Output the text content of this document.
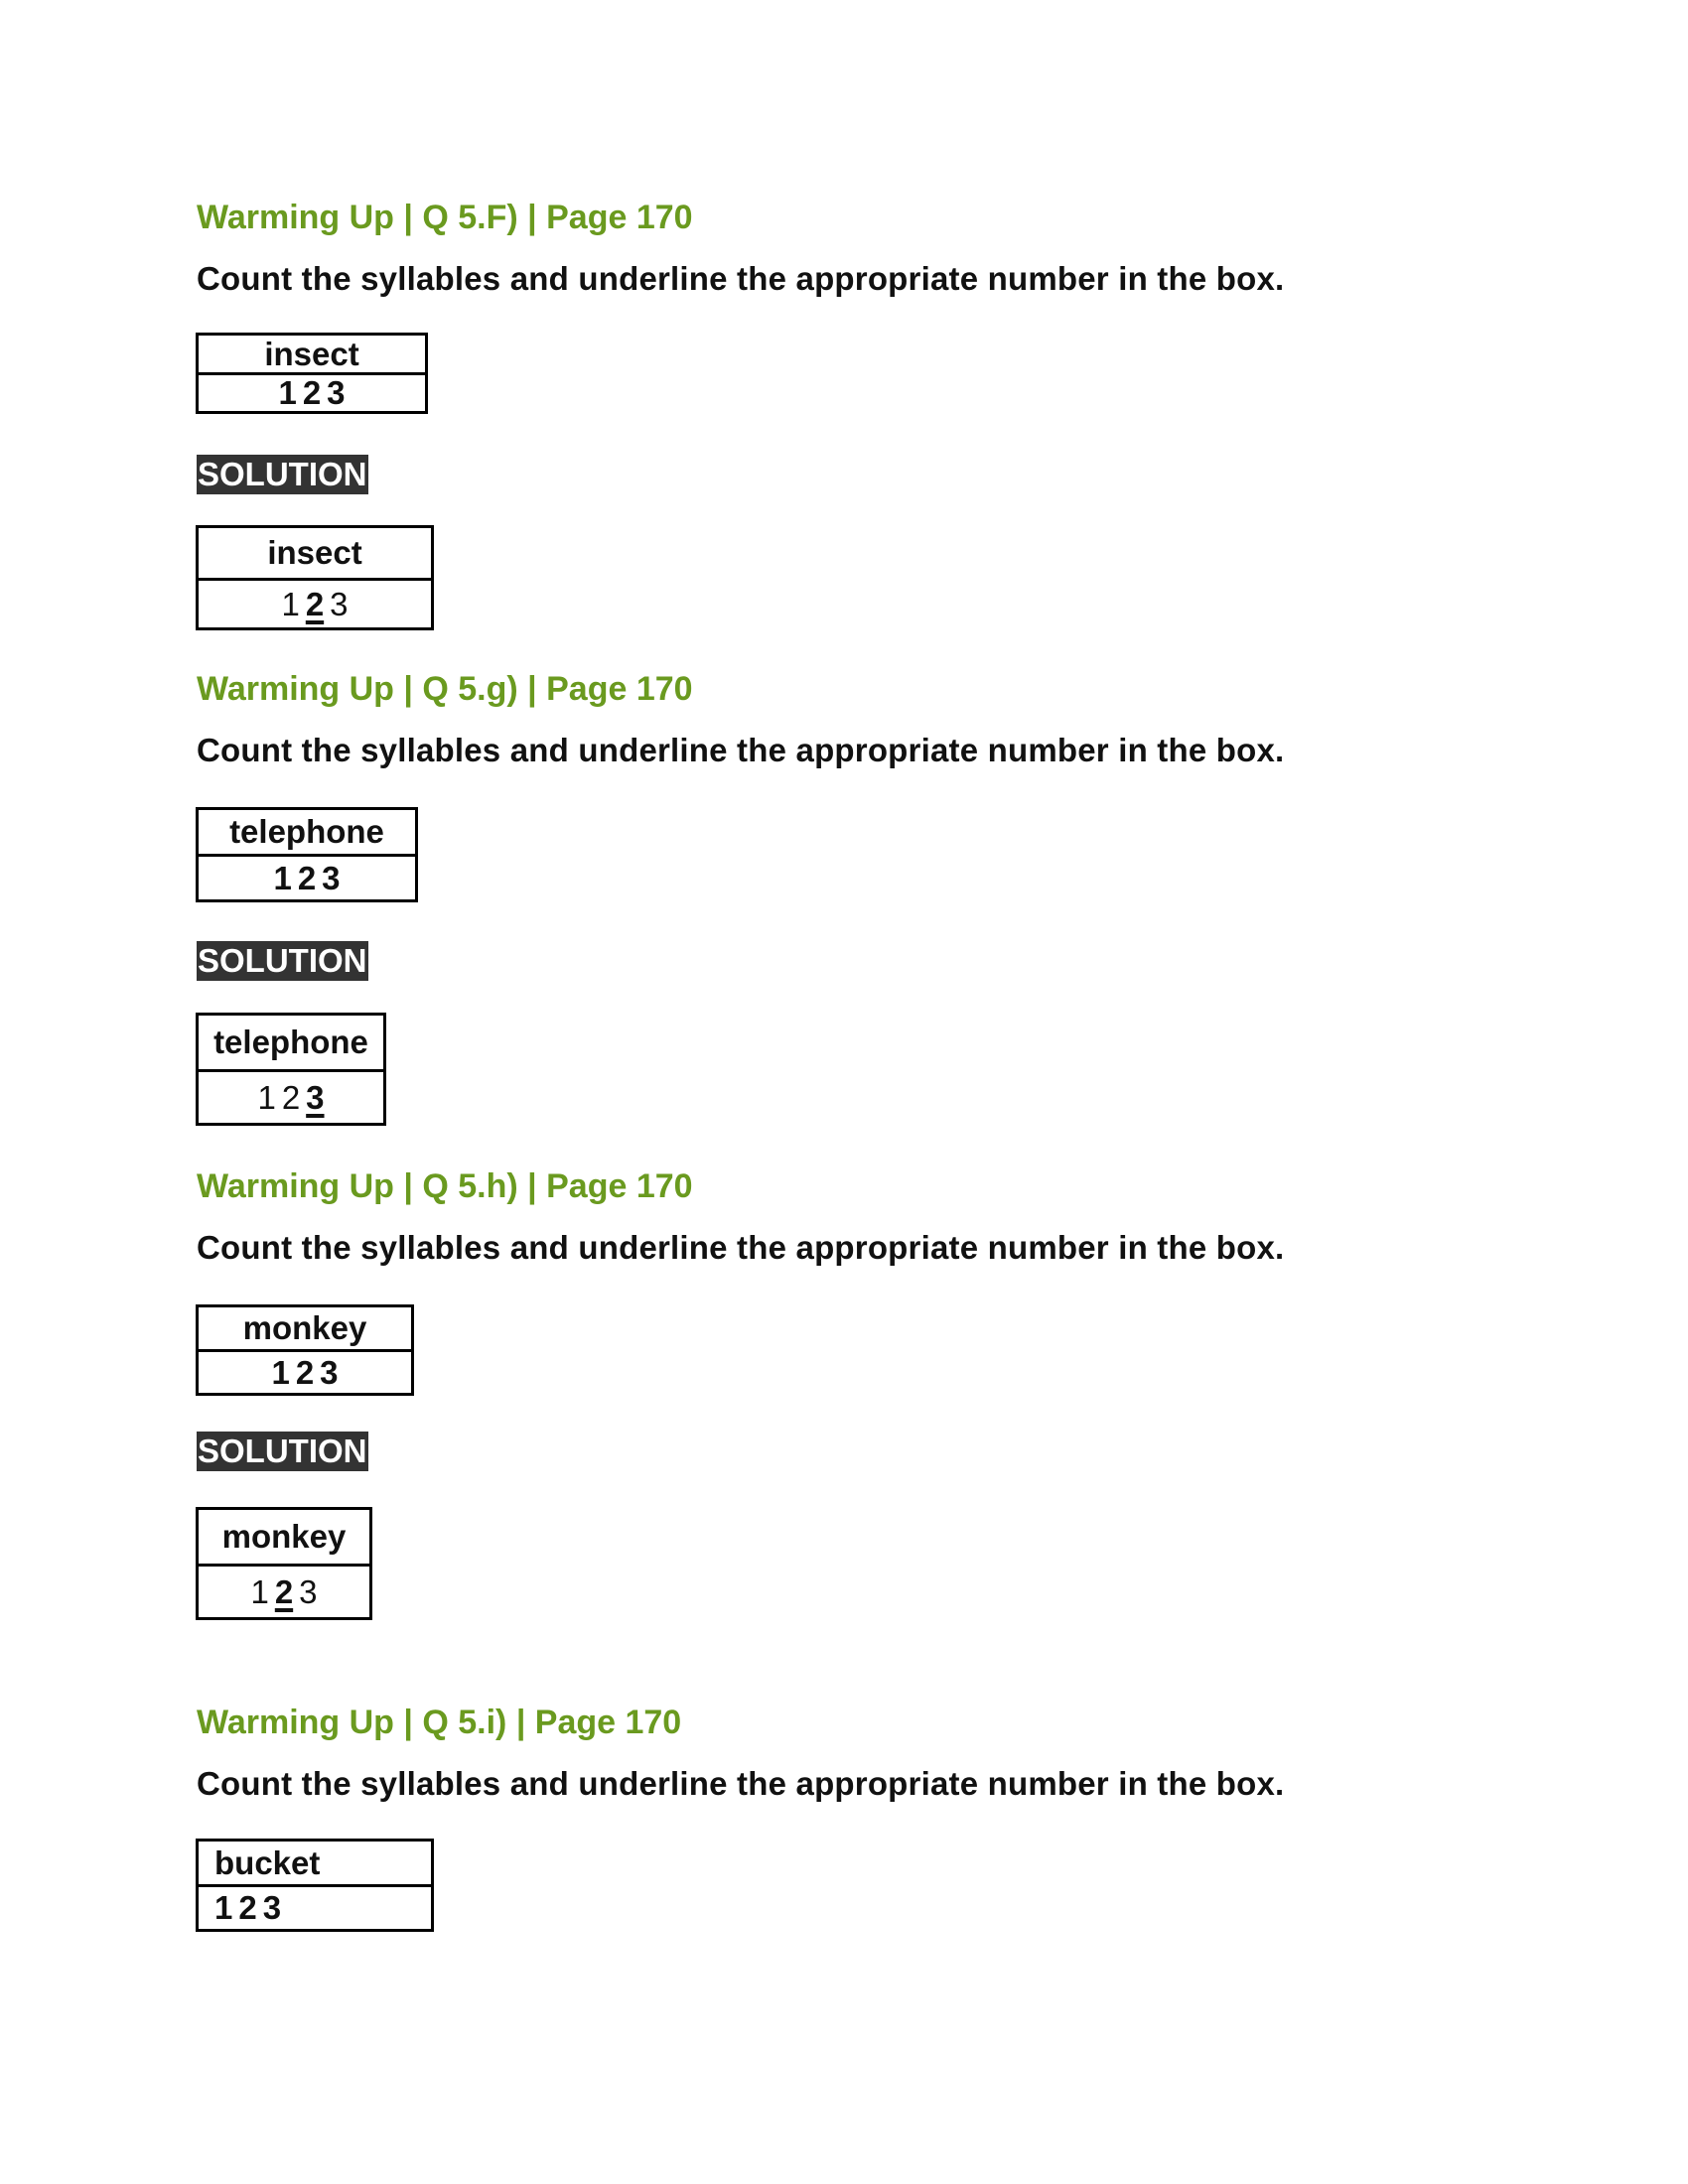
Warming Up | Q 5.F) | Page 170
Count the syllables and underline the appropriate number in the box.
insect
1 2 3
SOLUTION
insect
1 2 3
Warming Up | Q 5.g) | Page 170
Count the syllables and underline the appropriate number in the box.
telephone
1 2 3
SOLUTION
telephone
1 2 3
Warming Up | Q 5.h) | Page 170
Count the syllables and underline the appropriate number in the box.
monkey
1 2 3
SOLUTION
monkey
1 2 3
Warming Up | Q 5.i) | Page 170
Count the syllables and underline the appropriate number in the box.
bucket
1 2 3
